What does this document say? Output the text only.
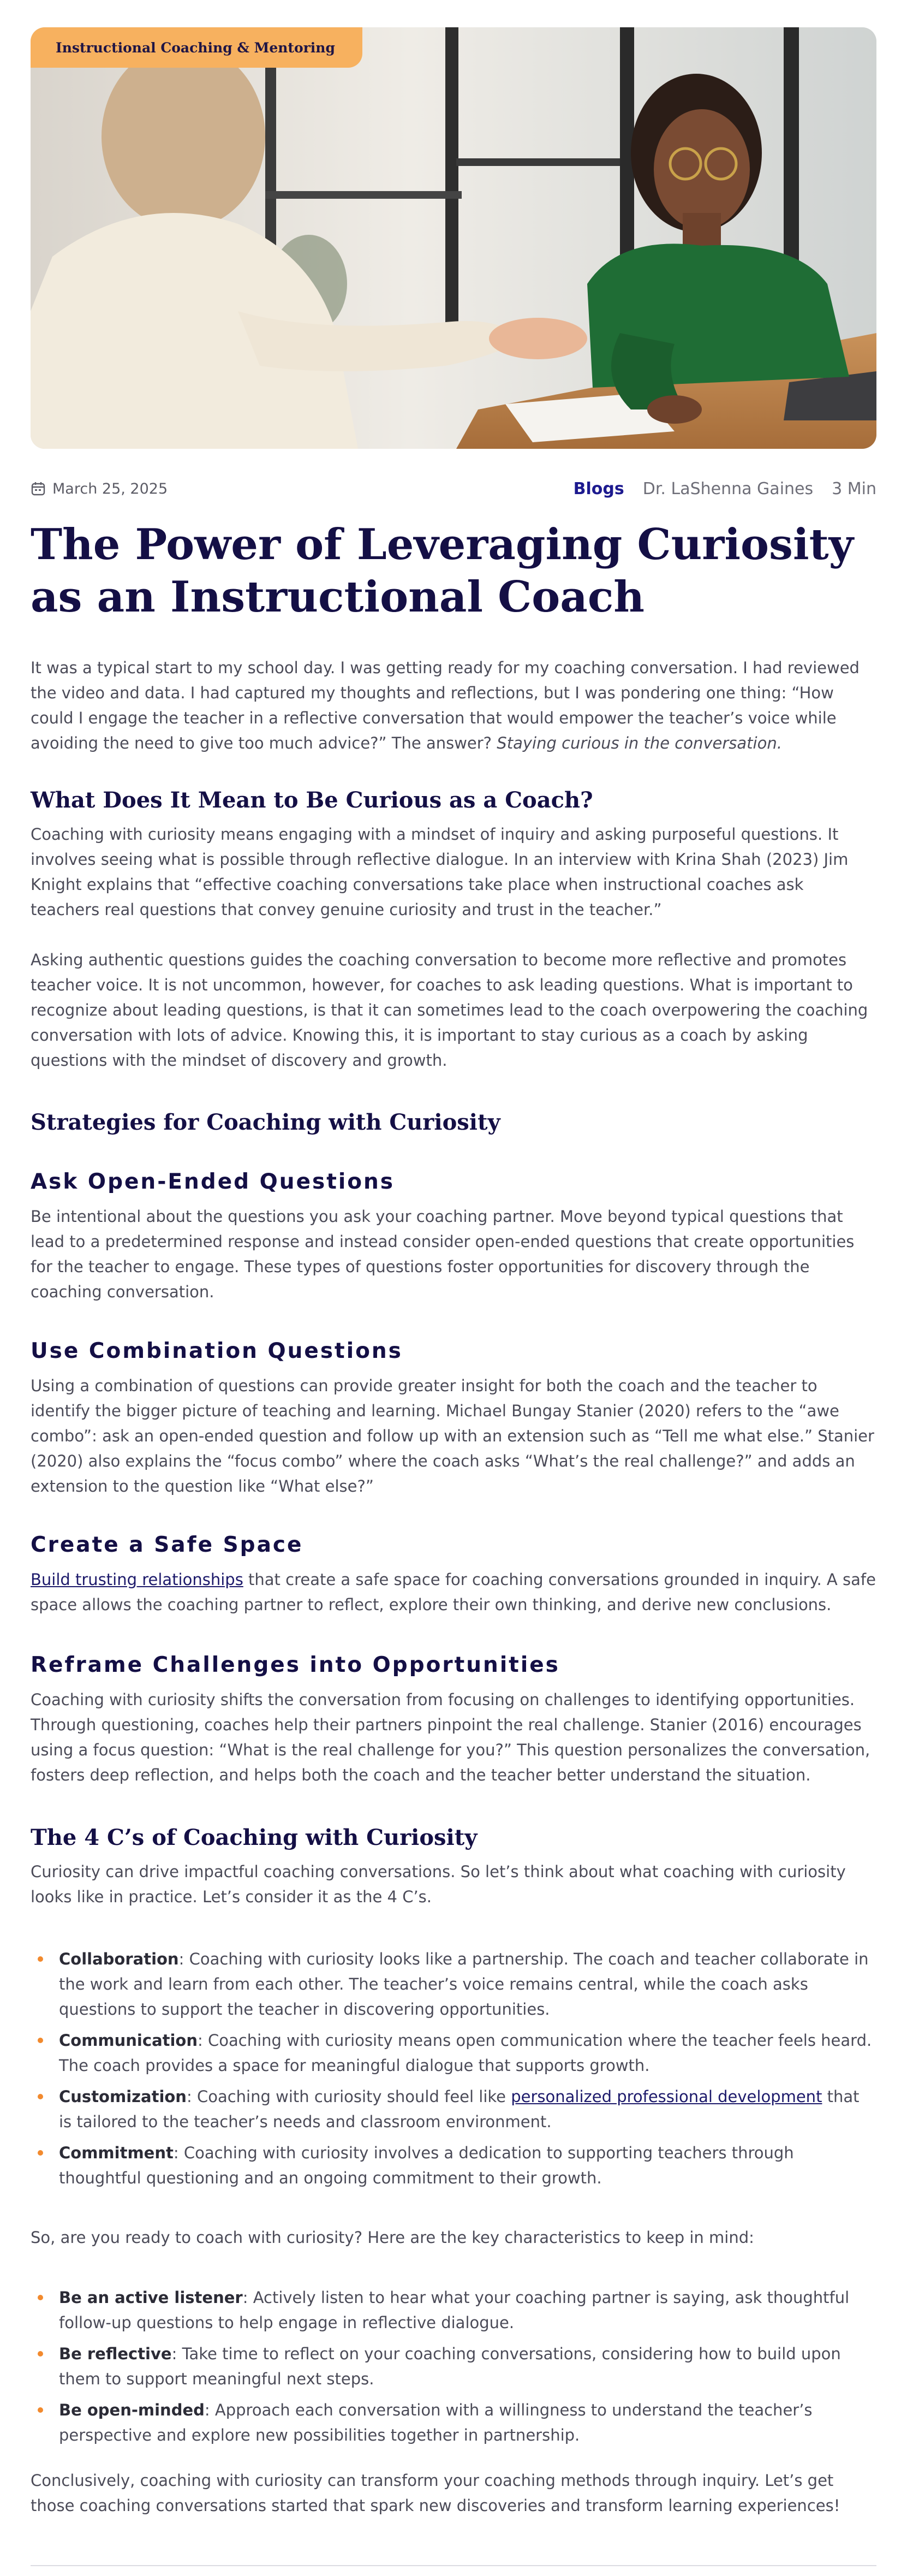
Instructional Coaching & Mentoring
March 25, 2025	Blogs Dr. LaShenna Gaines 3 Min
The Power of Leveraging Curiosity as an Instructional Coach

It was a typical start to my school day. I was getting ready for my coaching conversation. I had reviewed the video and data. I had captured my thoughts and reflections, but I was pondering one thing: “How could I engage the teacher in a reflective conversation that would empower the teacher’s voice while avoiding the need to give too much advice?” The answer? Staying curious in the conversation.

What Does It Mean to Be Curious as a Coach?

Coaching with curiosity means engaging with a mindset of inquiry and asking purposeful questions. It involves seeing what is possible through reflective dialogue. In an interview with Krina Shah (2023) Jim Knight explains that “effective coaching conversations take place when instructional coaches ask teachers real questions that convey genuine curiosity and trust in the teacher.”

Asking authentic questions guides the coaching conversation to become more reflective and promotes teacher voice. It is not uncommon, however, for coaches to ask leading questions. What is important to recognize about leading questions, is that it can sometimes lead to the coach overpowering the coaching conversation with lots of advice. Knowing this, it is important to stay curious as a coach by asking questions with the mindset of discovery and growth.

Strategies for Coaching with Curiosity
Ask Open-Ended Questions

Be intentional about the questions you ask your coaching partner. Move beyond typical questions that lead to a predetermined response and instead consider open-ended questions that create opportunities for the teacher to engage. These types of questions foster opportunities for discovery through the coaching conversation.

Use Combination Questions

Using a combination of questions can provide greater insight for both the coach and the teacher to identify the bigger picture of teaching and learning. Michael Bungay Stanier (2020) refers to the “awe combo”: ask an open-ended question and follow up with an extension such as “Tell me what else.” Stanier (2020) also explains the “focus combo” where the coach asks “What’s the real challenge?” and adds an extension to the question like “What else?”

Create a Safe Space

Build trusting relationships that create a safe space for coaching conversations grounded in inquiry. A safe space allows the coaching partner to reflect, explore their own thinking, and derive new conclusions.

Reframe Challenges into Opportunities

Coaching with curiosity shifts the conversation from focusing on challenges to identifying opportunities. Through questioning, coaches help their partners pinpoint the real challenge. Stanier (2016) encourages using a focus question: “What is the real challenge for you?” This question personalizes the conversation, fosters deep reflection, and helps both the coach and the teacher better understand the situation.

The 4 C’s of Coaching with Curiosity

Curiosity can drive impactful coaching conversations. So let’s think about what coaching with curiosity looks like in practice. Let’s consider it as the 4 C’s.

Collaboration: Coaching with curiosity looks like a partnership. The coach and teacher collaborate in the work and learn from each other. The teacher’s voice remains central, while the coach asks questions to support the teacher in discovering opportunities.
Communication: Coaching with curiosity means open communication where the teacher feels heard. The coach provides a space for meaningful dialogue that supports growth.
Customization: Coaching with curiosity should feel like personalized professional development that is tailored to the teacher’s needs and classroom environment.
Commitment: Coaching with curiosity involves a dedication to supporting teachers through thoughtful questioning and an ongoing commitment to their growth.

So, are you ready to coach with curiosity? Here are the key characteristics to keep in mind:

Be an active listener: Actively listen to hear what your coaching partner is saying, ask thoughtful follow-up questions to help engage in reflective dialogue.
Be reflective: Take time to reflect on your coaching conversations, considering how to build upon them to support meaningful next steps.
Be open-minded: Approach each conversation with a willingness to understand the teacher’s perspective and explore new possibilities together in partnership.

Conclusively, coaching with curiosity can transform your coaching methods through inquiry. Let’s get those coaching conversations started that spark new discoveries and transform learning experiences!
